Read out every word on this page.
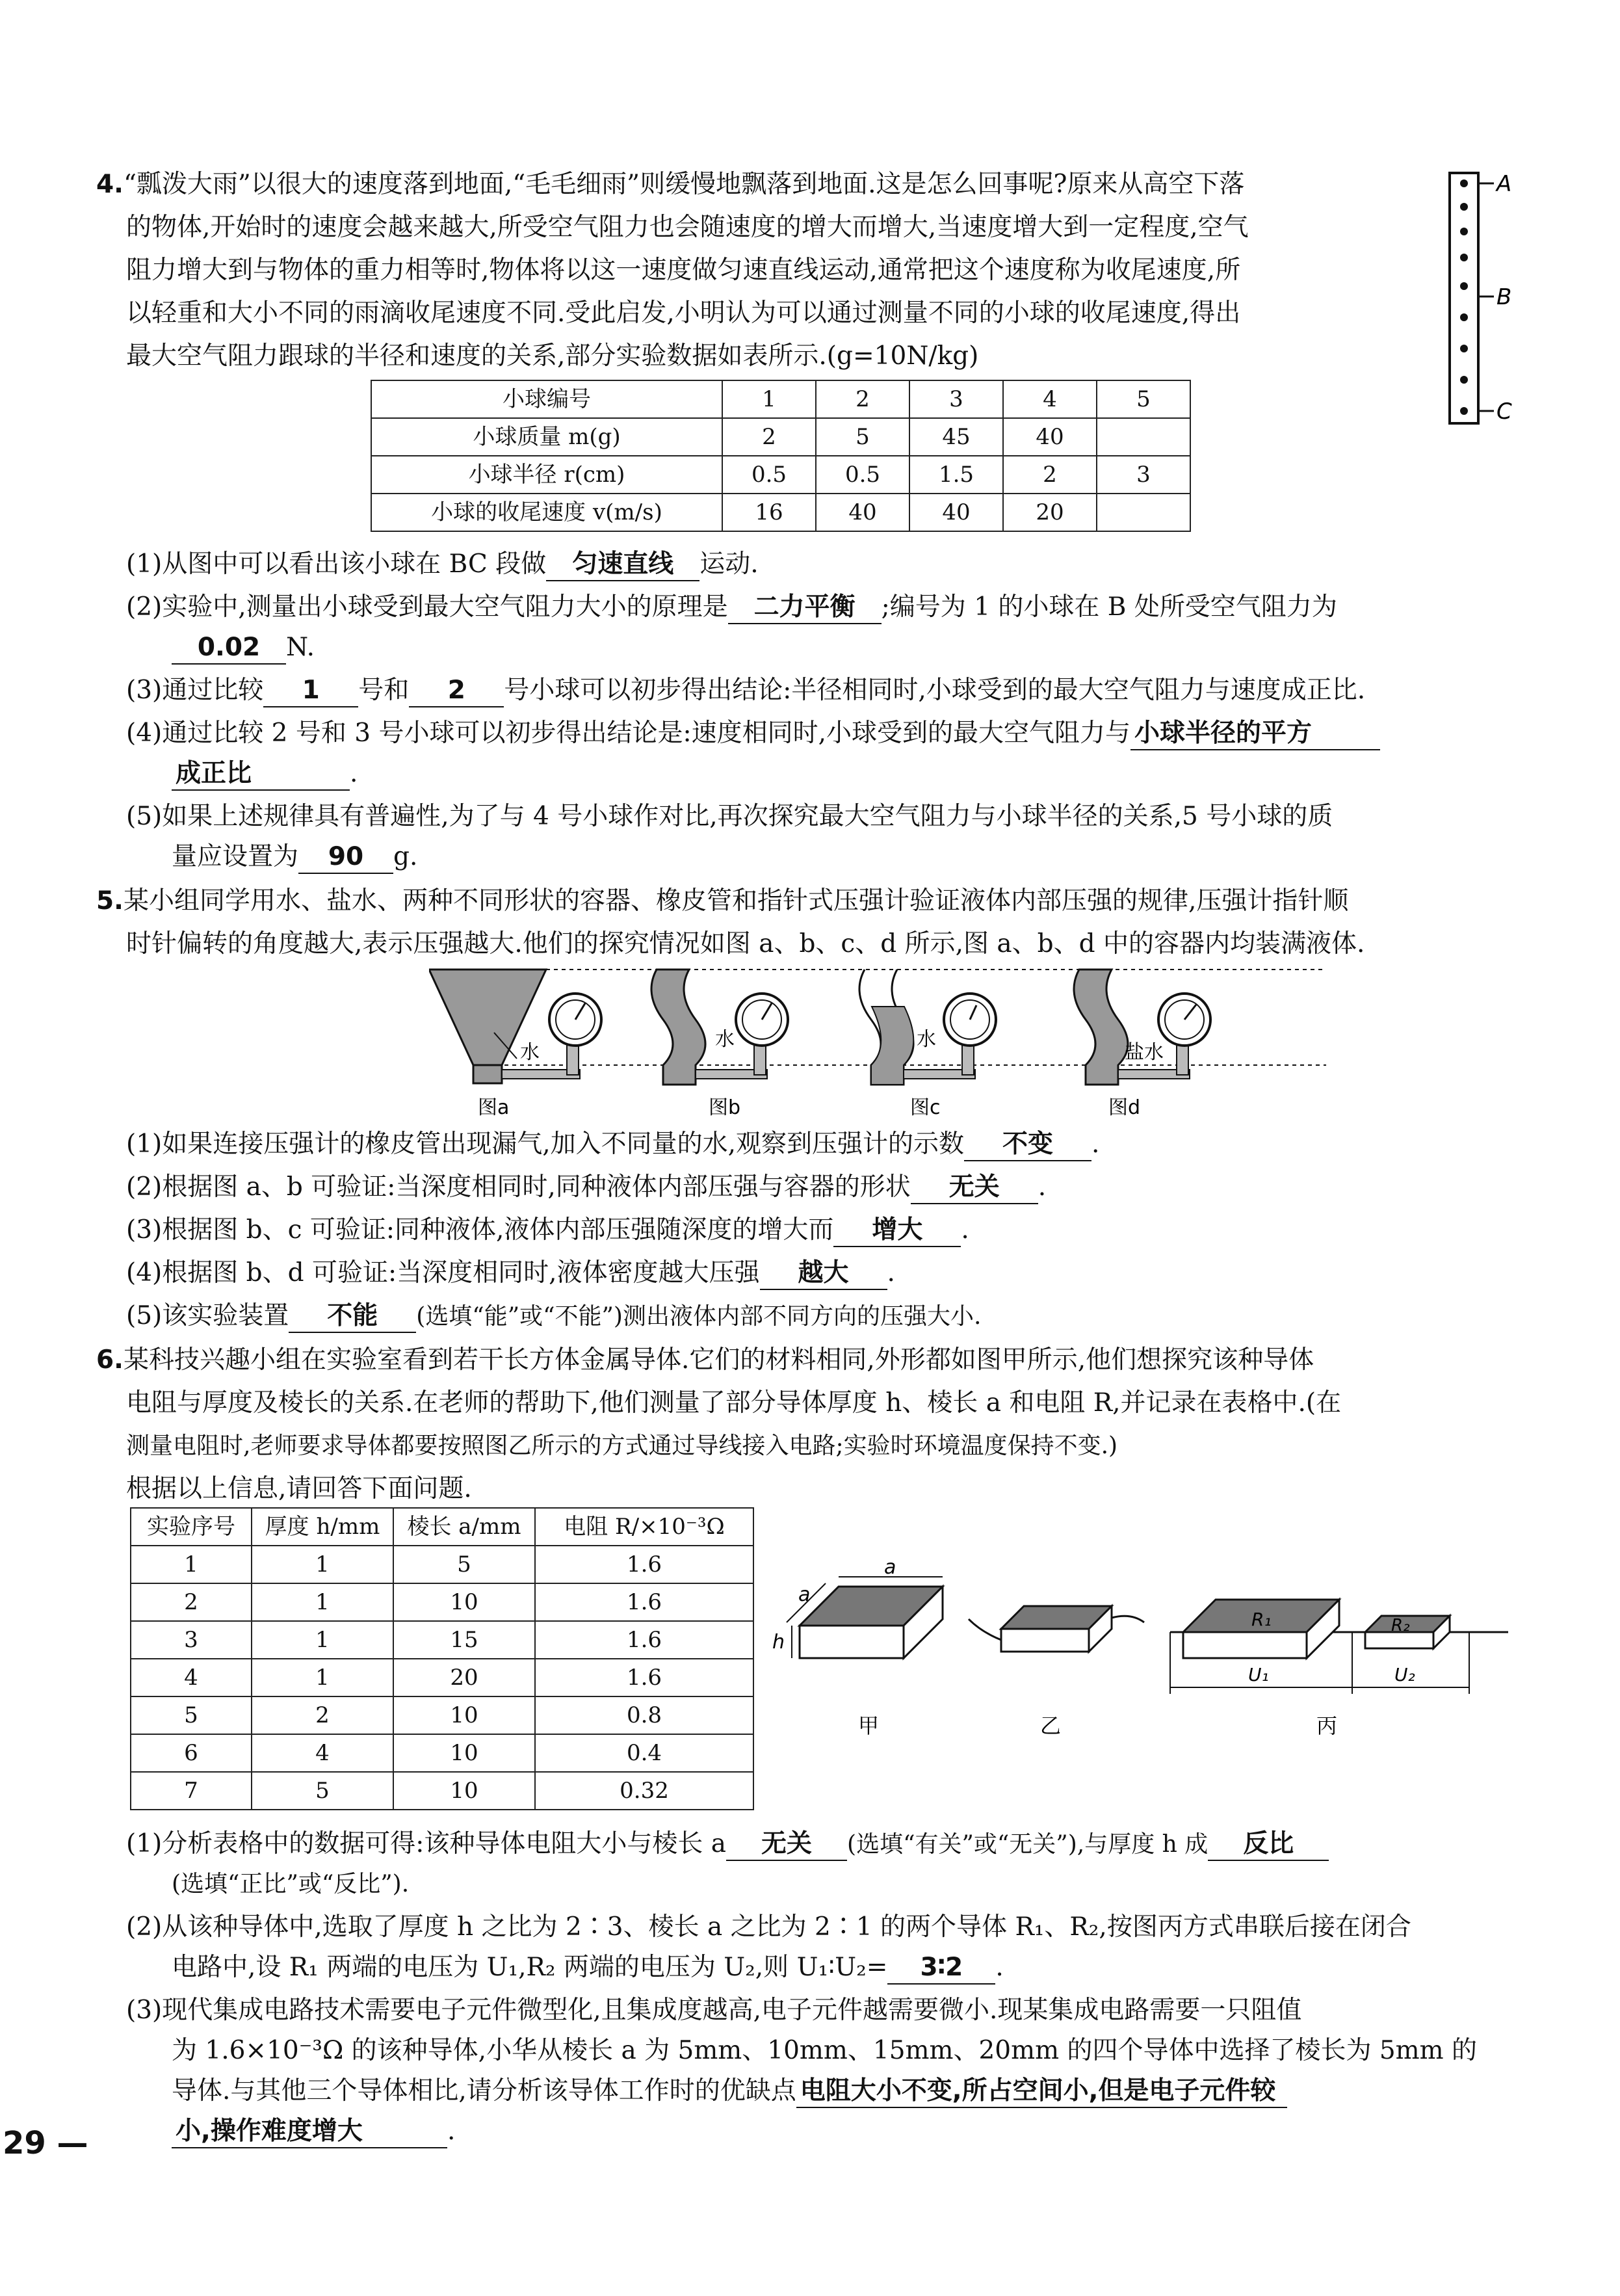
4.“瓢泼大雨”以很大的速度落到地面,“毛毛细雨”则缓慢地飘落到地面.这是怎么回事呢?原来从高空下落
的物体,开始时的速度会越来越大,所受空气阻力也会随速度的增大而增大,当速度增大到一定程度,空气
阻力增大到与物体的重力相等时,物体将以这一速度做匀速直线运动,通常把这个速度称为收尾速度,所
以轻重和大小不同的雨滴收尾速度不同.受此启发,小明认为可以通过测量不同的小球的收尾速度,得出
最大空气阻力跟球的半径和速度的关系,部分实验数据如表所示.(g=10N/kg)
A
B
C
小球编号	1	2	3	4	5
小球质量 m(g)	2	5	45	40	
小球半径 r(cm)	0.5	0.5	1.5	2	3
小球的收尾速度 v(m/s)	16	40	40	20	
(1)从图中可以看出该小球在 BC 段做 匀速直线 运动.
(2)实验中,测量出小球受到最大空气阻力大小的原理是 二力平衡 ;编号为 1 的小球在 B 处所受空气阻力为
0.02 N.
(3)通过比较 1 号和 2 号小球可以初步得出结论:半径相同时,小球受到的最大空气阻力与速度成正比.
(4)通过比较 2 号和 3 号小球可以初步得出结论是:速度相同时,小球受到的最大空气阻力与 小球半径的平方
成正比	.
(5)如果上述规律具有普遍性,为了与 4 号小球作对比,再次探究最大空气阻力与小球半径的关系,5 号小球的质
量应设置为 90 g.
5.某小组同学用水、盐水、两种不同形状的容器、橡皮管和指针式压强计验证液体内部压强的规律,压强计指针顺
时针偏转的角度越大,表示压强越大.他们的探究情况如图 a、b、c、d 所示,图 a、b、d 中的容器内均装满液体.
水
图a
水
图b
水
图c
盐水
图d
(1)如果连接压强计的橡皮管出现漏气,加入不同量的水,观察到压强计的示数 不变 .
(2)根据图 a、b 可验证:当深度相同时,同种液体内部压强与容器的形状 无关 .
(3)根据图 b、c 可验证:同种液体,液体内部压强随深度的增大而 增大 .
(4)根据图 b、d 可验证:当深度相同时,液体密度越大压强 越大 .
(5)该实验装置 不能 (选填“能”或“不能”)测出液体内部不同方向的压强大小.
6.某科技兴趣小组在实验室看到若干长方体金属导体.它们的材料相同,外形都如图甲所示,他们想探究该种导体
电阻与厚度及棱长的关系.在老师的帮助下,他们测量了部分导体厚度 h、棱长 a 和电阻 R,并记录在表格中.(在
测量电阻时,老师要求导体都要按照图乙所示的方式通过导线接入电路;实验时环境温度保持不变.)
根据以上信息,请回答下面问题.
实验序号	厚度 h/mm	棱长 a/mm	电阻 R/×10⁻³Ω
1	1	5	1.6
2	1	10	1.6
3	1	15	1.6
4	1	20	1.6
5	2	10	0.8
6	4	10	0.4
7	5	10	0.32
a
a
h
甲	乙
R₁	R₂
U₁	U₂
丙
(1)分析表格中的数据可得:该种导体电阻大小与棱长 a 无关 (选填“有关”或“无关”),与厚度 h 成 反比
(选填“正比”或“反比”).
(2)从该种导体中,选取了厚度 h 之比为 2∶3、棱长 a 之比为 2∶1 的两个导体 R₁、R₂,按图丙方式串联后接在闭合
电路中,设 R₁ 两端的电压为 U₁,R₂ 两端的电压为 U₂,则 U₁∶U₂= 3∶2 .
(3)现代集成电路技术需要电子元件微型化,且集成度越高,电子元件越需要微小.现某集成电路需要一只阻值
为 1.6×10⁻³Ω 的该种导体,小华从棱长 a 为 5mm、10mm、15mm、20mm 的四个导体中选择了棱长为 5mm 的
导体.与其他三个导体相比,请分析该导体工作时的优缺点 电阻大小不变,所占空间小,但是电子元件较
小,操作难度增大	.
29 —
